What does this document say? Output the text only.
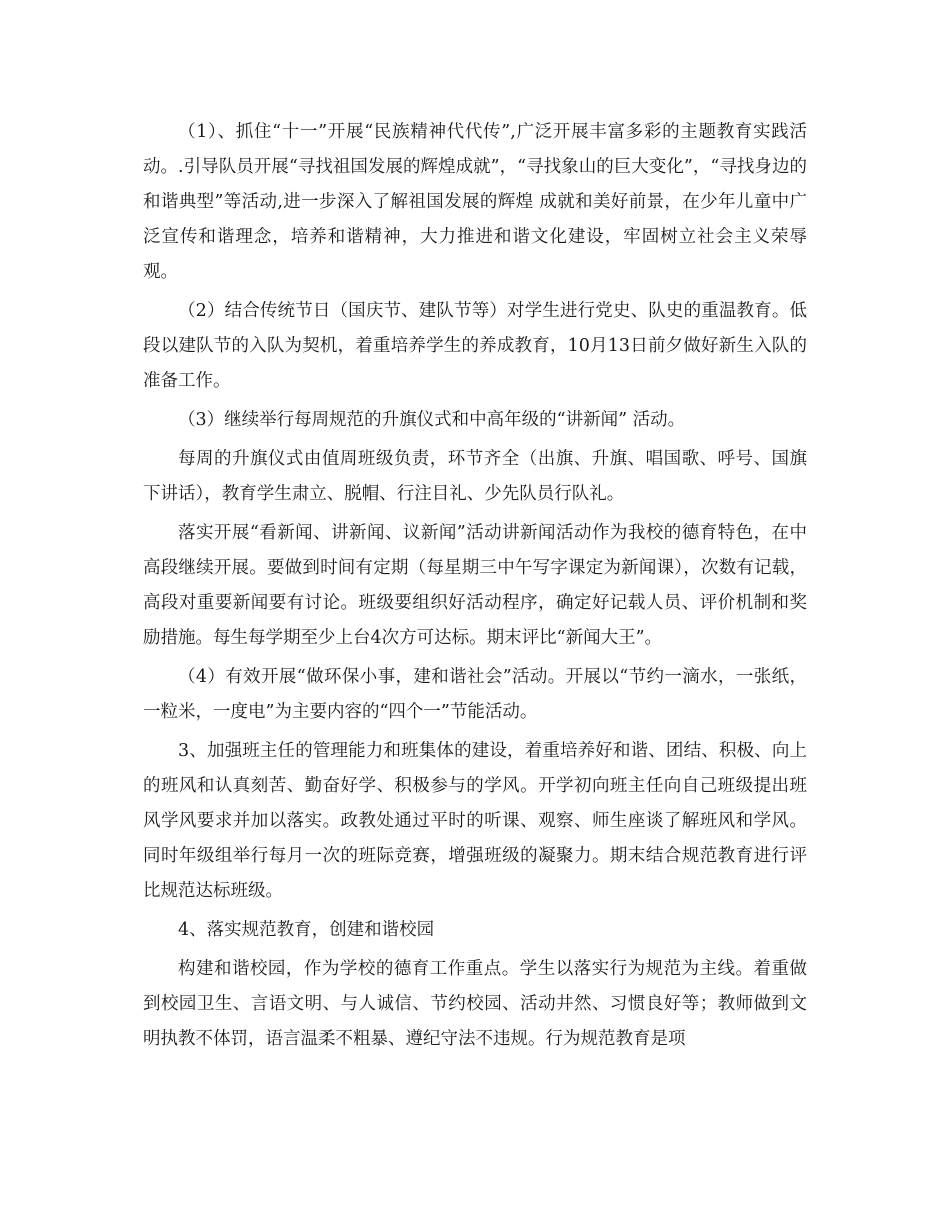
（1）、抓住“十一”开展“民族精神代代传”,广泛开展丰富多彩的主题教育实践活动。.引导队员开展“寻找祖国发展的辉煌成就”，“寻找象山的巨大变化”，“寻找身边的和谐典型”等活动,进一步深入了解祖国发展的辉煌 成就和美好前景，在少年儿童中广泛宣传和谐理念，培养和谐精神，大力推进和谐文化建设，牢固树立社会主义荣辱观。

（2）结合传统节日（国庆节、建队节等）对学生进行党史、队史的重温教育。低段以建队节的入队为契机，着重培养学生的养成教育，10月13日前夕做好新生入队的准备工作。

（3）继续举行每周规范的升旗仪式和中高年级的“讲新闻” 活动。

每周的升旗仪式由值周班级负责，环节齐全（出旗、升旗、唱国歌、呼号、国旗下讲话），教育学生肃立、脱帽、行注目礼、少先队员行队礼。

落实开展“看新闻、讲新闻、议新闻”活动讲新闻活动作为我校的德育特色，在中高段继续开展。要做到时间有定期（每星期三中午写字课定为新闻课），次数有记载，高段对重要新闻要有讨论。班级要组织好活动程序，确定好记载人员、评价机制和奖励措施。每生每学期至少上台4次方可达标。期末评比“新闻大王”。

（4）有效开展“做环保小事，建和谐社会”活动。开展以“节约一滴水，一张纸，一粒米，一度电”为主要内容的“四个一”节能活动。

3、加强班主任的管理能力和班集体的建设，着重培养好和谐、团结、积极、向上的班风和认真刻苦、勤奋好学、积极参与的学风。开学初向班主任向自己班级提出班风学风要求并加以落实。政教处通过平时的听课、观察、师生座谈了解班风和学风。同时年级组举行每月一次的班际竞赛，增强班级的凝聚力。期末结合规范教育进行评比规范达标班级。

4、落实规范教育，创建和谐校园

构建和谐校园，作为学校的德育工作重点。学生以落实行为规范为主线。着重做到校园卫生、言语文明、与人诚信、节约校园、活动井然、习惯良好等；教师做到文明执教不体罚，语言温柔不粗暴、遵纪守法不违规。行为规范教育是项
